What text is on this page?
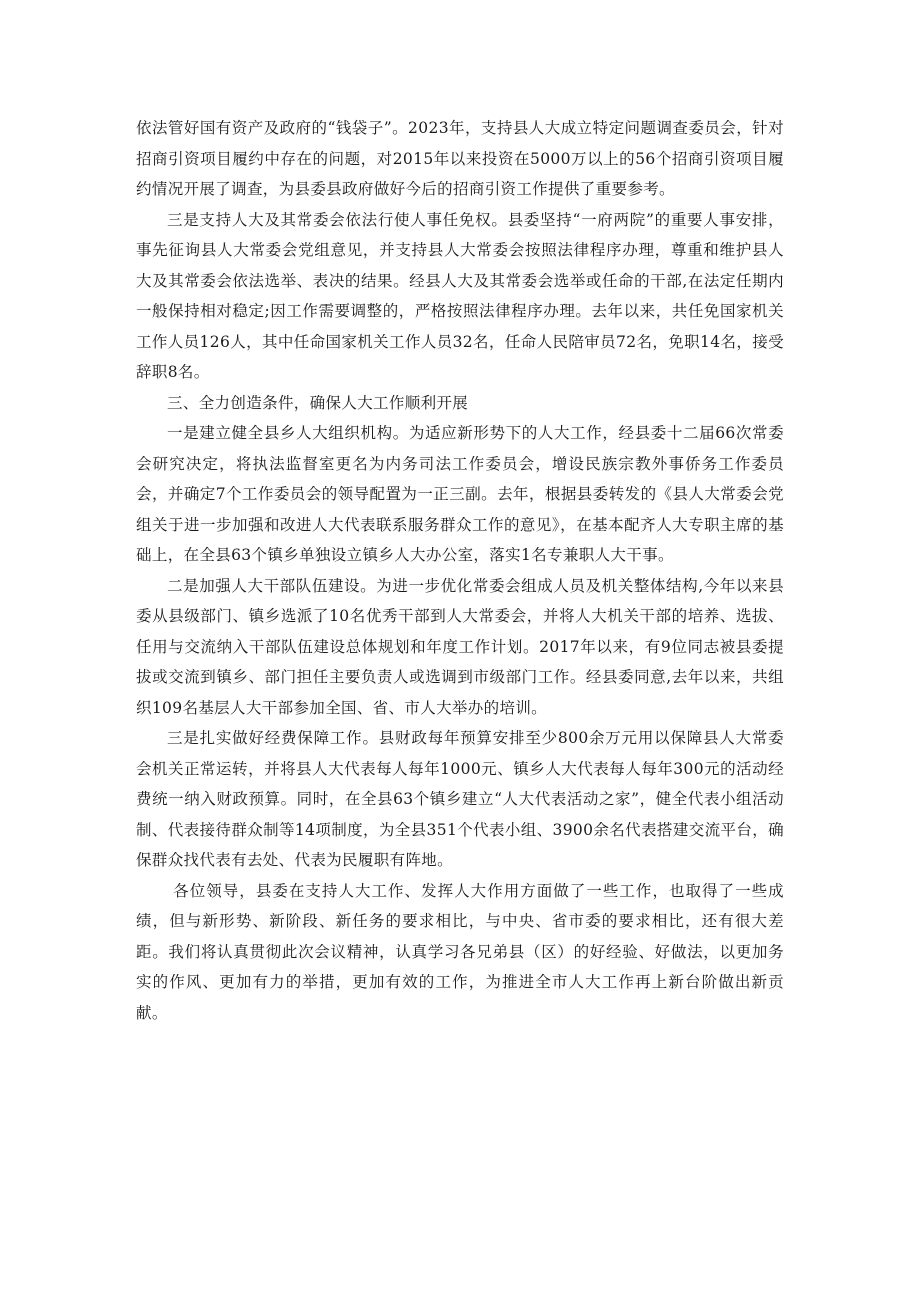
依法管好国有资产及政府的“钱袋子”。2023年，支持县人大成立特定问题调查委员会，针对招商引资项目履约中存在的问题，对2015年以来投资在5000万以上的56个招商引资项目履约情况开展了调查，为县委县政府做好今后的招商引资工作提供了重要参考。

三是支持人大及其常委会依法行使人事任免权。县委坚持“一府两院”的重要人事安排，事先征询县人大常委会党组意见，并支持县人大常委会按照法律程序办理，尊重和维护县人大及其常委会依法选举、表决的结果。经县人大及其常委会选举或任命的干部,在法定任期内一般保持相对稳定;因工作需要调整的，严格按照法律程序办理。去年以来，共任免国家机关工作人员126人，其中任命国家机关工作人员32名，任命人民陪审员72名，免职14名，接受辞职8名。

三、全力创造条件，确保人大工作顺利开展

一是建立健全县乡人大组织机构。为适应新形势下的人大工作，经县委十二届66次常委会研究决定，将执法监督室更名为内务司法工作委员会，增设民族宗教外事侨务工作委员会，并确定7个工作委员会的领导配置为一正三副。去年，根据县委转发的《县人大常委会党组关于进一步加强和改进人大代表联系服务群众工作的意见》，在基本配齐人大专职主席的基础上，在全县63个镇乡单独设立镇乡人大办公室，落实1名专兼职人大干事。

二是加强人大干部队伍建设。为进一步优化常委会组成人员及机关整体结构,今年以来县委从县级部门、镇乡选派了10名优秀干部到人大常委会，并将人大机关干部的培养、选拔、任用与交流纳入干部队伍建设总体规划和年度工作计划。2017年以来，有9位同志被县委提拔或交流到镇乡、部门担任主要负责人或选调到市级部门工作。经县委同意,去年以来，共组织109名基层人大干部参加全国、省、市人大举办的培训。

三是扎实做好经费保障工作。县财政每年预算安排至少800余万元用以保障县人大常委会机关正常运转，并将县人大代表每人每年1000元、镇乡人大代表每人每年300元的活动经费统一纳入财政预算。同时，在全县63个镇乡建立“人大代表活动之家”，健全代表小组活动制、代表接待群众制等14项制度，为全县351个代表小组、3900余名代表搭建交流平台，确保群众找代表有去处、代表为民履职有阵地。

各位领导，县委在支持人大工作、发挥人大作用方面做了一些工作，也取得了一些成绩，但与新形势、新阶段、新任务的要求相比，与中央、省市委的要求相比，还有很大差距。我们将认真贯彻此次会议精神，认真学习各兄弟县（区）的好经验、好做法，以更加务实的作风、更加有力的举措，更加有效的工作，为推进全市人大工作再上新台阶做出新贡献。
